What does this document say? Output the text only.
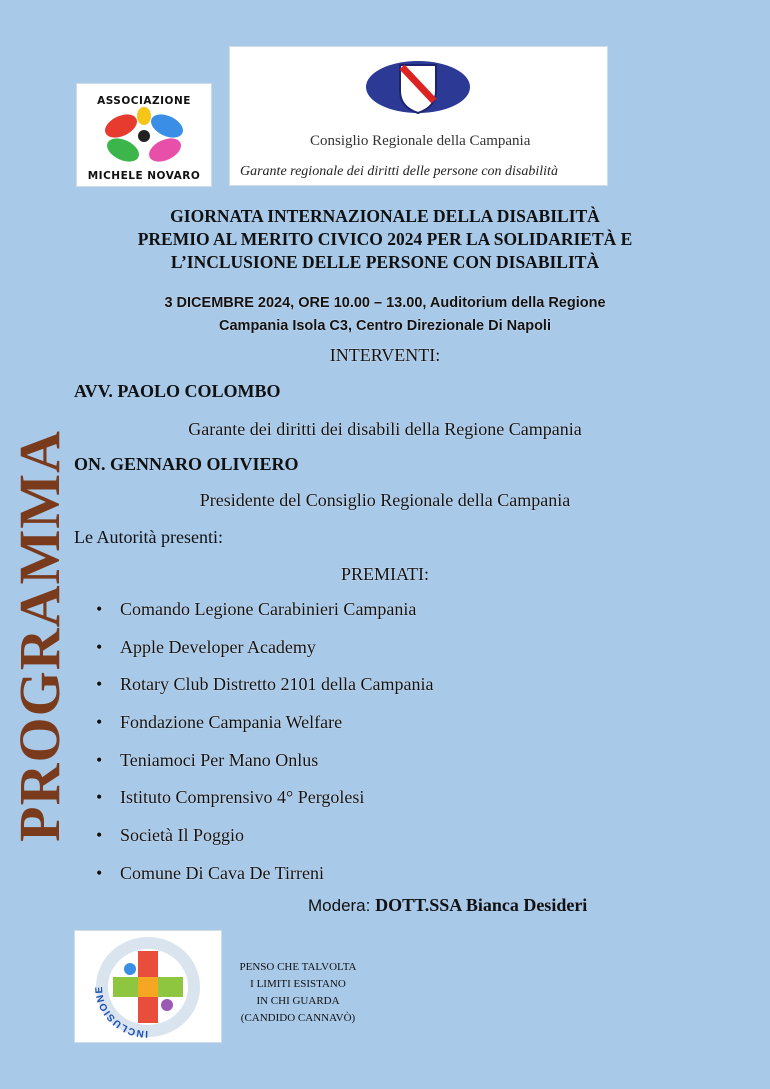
ASSOCIAZIONE
MICHELE NOVARO
Consiglio Regionale della Campania
Garante regionale dei diritti delle persone con disabilità
GIORNATA INTERNAZIONALE DELLA DISABILITÀ
PREMIO AL MERITO CIVICO 2024 PER LA SOLIDARIETÀ E
L’INCLUSIONE DELLE PERSONE CON DISABILITÀ
3 DICEMBRE 2024, ORE 10.00 – 13.00, Auditorium della Regione
Campania Isola C3, Centro Direzionale Di Napoli
PROGRAMMA
INTERVENTI:
AVV. PAOLO COLOMBO
Garante dei diritti dei disabili della Regione Campania
ON. GENNARO OLIVIERO
Presidente del Consiglio Regionale della Campania
Le Autorità presenti:
PREMIATI:
• Comando Legione Carabinieri Campania
• Apple Developer Academy
• Rotary Club Distretto 2101 della Campania
• Fondazione Campania Welfare
• Teniamoci Per Mano Onlus
• Istituto Comprensivo 4° Pergolesi
• Società Il Poggio
• Comune Di Cava De Tirreni
Modera: DOTT.SSA Bianca Desideri
INCLUSIONE
PENSO CHE TALVOLTA
I LIMITI ESISTANO
IN CHI GUARDA
(CANDIDO CANNAVÒ)
